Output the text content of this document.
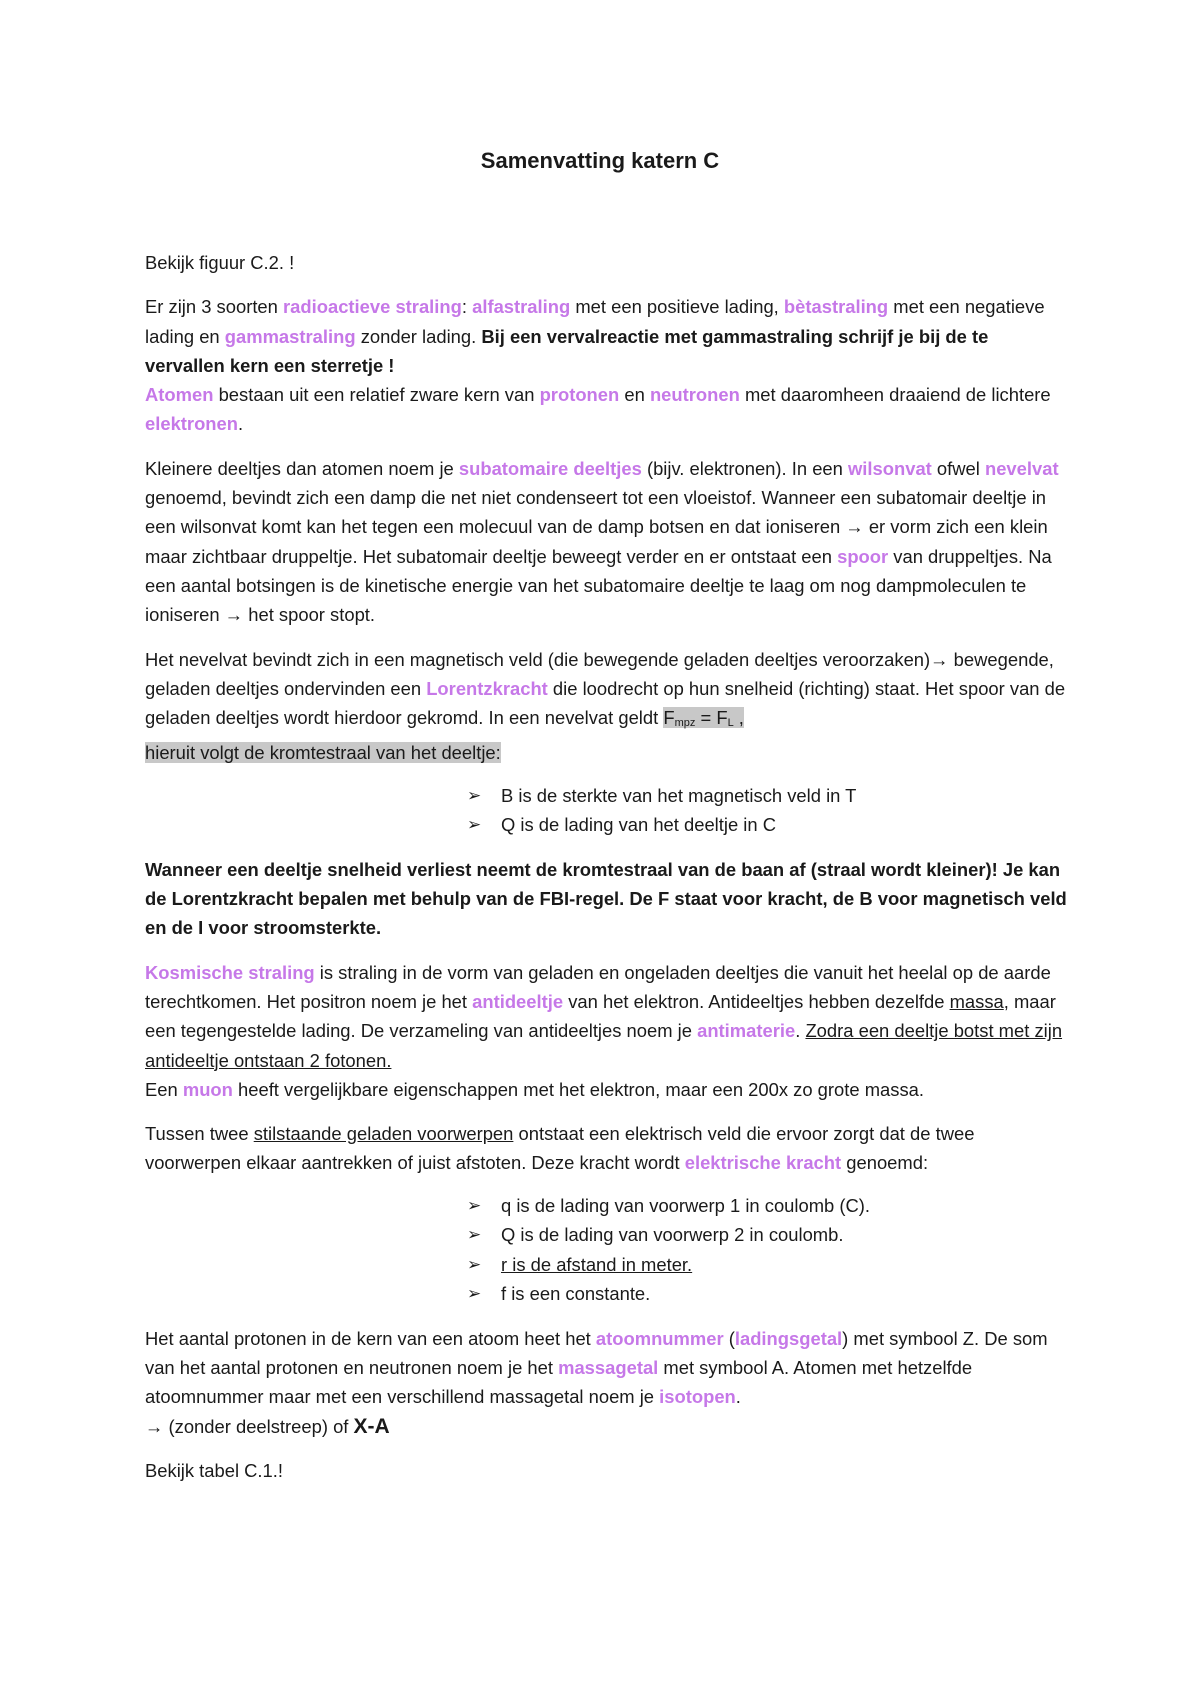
Samenvatting katern C

Bekijk figuur C.2. !

Er zijn 3 soorten radioactieve straling: alfastraling met een positieve lading, bètastraling met een negatieve lading en gammastraling zonder lading. Bij een vervalreactie met gammastraling schrijf je bij de te vervallen kern een sterretje !
Atomen bestaan uit een relatief zware kern van protonen en neutronen met daaromheen draaiend de lichtere elektronen.

Kleinere deeltjes dan atomen noem je subatomaire deeltjes (bijv. elektronen). In een wilsonvat ofwel nevelvat genoemd, bevindt zich een damp die net niet condenseert tot een vloeistof. Wanneer een subatomair deeltje in een wilsonvat komt kan het tegen een molecuul van de damp botsen en dat ioniseren → er vorm zich een klein maar zichtbaar druppeltje. Het subatomair deeltje beweegt verder en er ontstaat een spoor van druppeltjes. Na een aantal botsingen is de kinetische energie van het subatomaire deeltje te laag om nog dampmoleculen te ioniseren → het spoor stopt.

Het nevelvat bevindt zich in een magnetisch veld (die bewegende geladen deeltjes veroorzaken)→ bewegende, geladen deeltjes ondervinden een Lorentzkracht die loodrecht op hun snelheid (richting) staat. Het spoor van de geladen deeltjes wordt hierdoor gekromd. In een nevelvat geldt Fmpz = FL ,
hieruit volgt de kromtestraal van het deeltje:

➢ B is de sterkte van het magnetisch veld in T
➢ Q is de lading van het deeltje in C

Wanneer een deeltje snelheid verliest neemt de kromtestraal van de baan af (straal wordt kleiner)! Je kan de Lorentzkracht bepalen met behulp van de FBI-regel. De F staat voor kracht, de B voor magnetisch veld en de I voor stroomsterkte.

Kosmische straling is straling in de vorm van geladen en ongeladen deeltjes die vanuit het heelal op de aarde terechtkomen. Het positron noem je het antideeltje van het elektron. Antideeltjes hebben dezelfde massa, maar een tegengestelde lading. De verzameling van antideeltjes noem je antimaterie. Zodra een deeltje botst met zijn antideeltje ontstaan 2 fotonen.
Een muon heeft vergelijkbare eigenschappen met het elektron, maar een 200x zo grote massa.

Tussen twee stilstaande geladen voorwerpen ontstaat een elektrisch veld die ervoor zorgt dat de twee voorwerpen elkaar aantrekken of juist afstoten. Deze kracht wordt elektrische kracht genoemd:

➢ q is de lading van voorwerp 1 in coulomb (C).
➢ Q is de lading van voorwerp 2 in coulomb.
➢ r is de afstand in meter.
➢ f is een constante.

Het aantal protonen in de kern van een atoom heet het atoomnummer (ladingsgetal) met symbool Z. De som van het aantal protonen en neutronen noem je het massagetal met symbool A. Atomen met hetzelfde atoomnummer maar met een verschillend massagetal noem je isotopen.
→ (zonder deelstreep) of X-A

Bekijk tabel C.1.!
